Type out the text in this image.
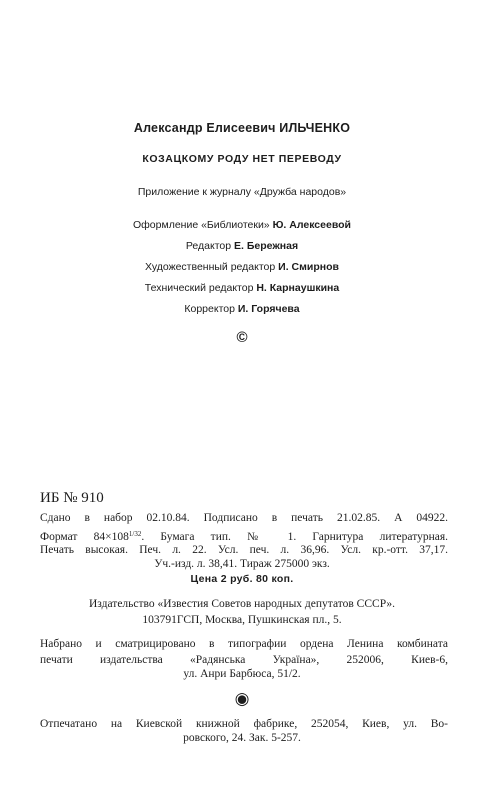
Александр Елисеевич ИЛЬЧЕНКО
КОЗАЦКОМУ РОДУ НЕТ ПЕРЕВОДУ
Приложение к журналу «Дружба народов»
Оформление «Библиотеки» Ю. Алексеевой
Редактор Е. Бережная
Художественный редактор И. Смирнов
Технический редактор Н. Карнаушкина
Корректор И. Горячева
©
ИБ № 910
Сдано в набор 02.10.84. Подписано в печать 21.02.85. А 04922.
Формат $84\times 108^{1/32}$. Бумага тип. № 1. Гарнитура литературная.
Печать высокая. Печ. л. 22. Усл. печ. л. 36,96. Усл. кр.-отт. 37,17.
Уч.-изд. л. 38,41. Тираж 275000 экз.
Цена 2 руб. 80 коп.
Издательство «Известия Советов народных депутатов СССР».
103791ГСП, Москва, Пушкинская пл., 5.
Набрано и сматрицировано в типографии ордена Ленина комбината
печати издательства «Радянська Україна», 252006, Киев-6,
ул. Анри Барбюса, 51/2.
◉
Отпечатано на Киевской книжной фабрике, 252054, Киев, ул. Во-
ровского, 24. Зак. 5-257.
